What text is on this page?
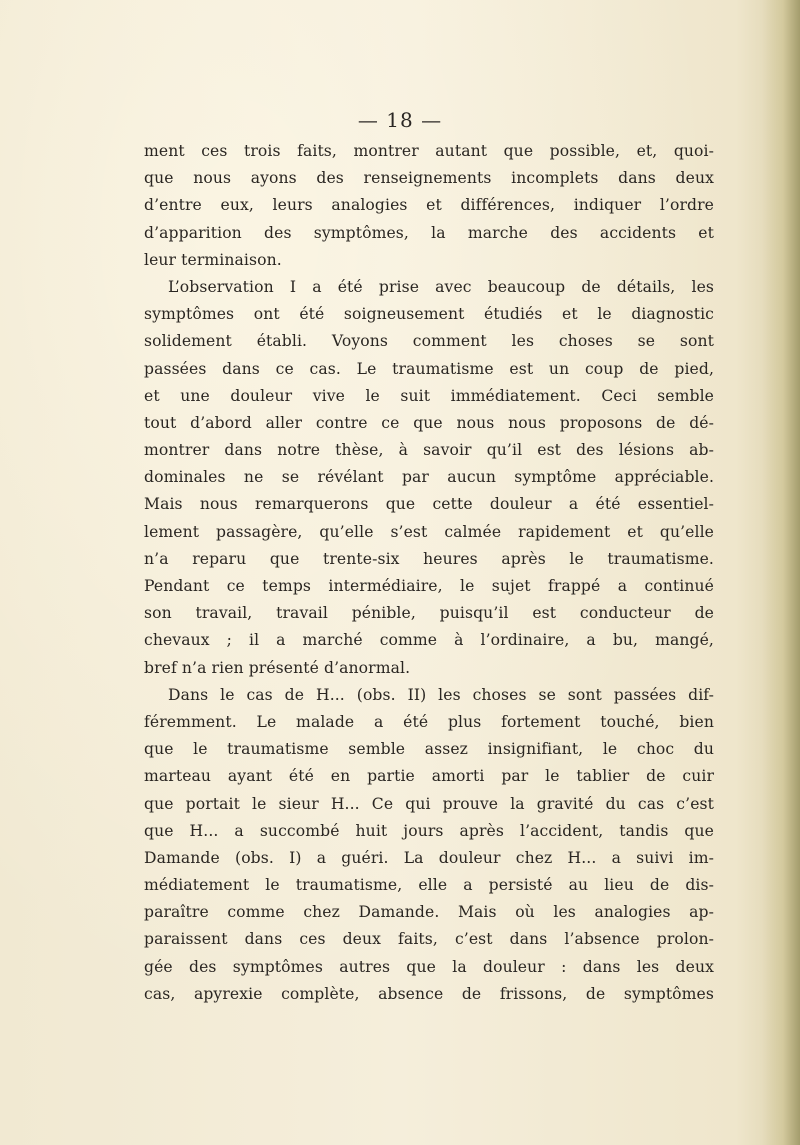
— 18 —
ment ces trois faits, montrer autant que possible, et, quoi-
que nous ayons des renseignements incomplets dans deux
d’entre eux, leurs analogies et différences, indiquer l’ordre
d’apparition des symptômes, la marche des accidents et
leur terminaison.
L’observation I a été prise avec beaucoup de détails, les
symptômes ont été soigneusement étudiés et le diagnostic
solidement établi. Voyons comment les choses se sont
passées dans ce cas. Le traumatisme est un coup de pied,
et une douleur vive le suit immédiatement. Ceci semble
tout d’abord aller contre ce que nous nous proposons de dé-
montrer dans notre thèse, à savoir qu’il est des lésions ab-
dominales ne se révélant par aucun symptôme appréciable.
Mais nous remarquerons que cette douleur a été essentiel-
lement passagère, qu’elle s’est calmée rapidement et qu’elle
n’a reparu que trente-six heures après le traumatisme.
Pendant ce temps intermédiaire, le sujet frappé a continué
son travail, travail pénible, puisqu’il est conducteur de
chevaux ; il a marché comme à l’ordinaire, a bu, mangé,
bref n’a rien présenté d’anormal.
Dans le cas de H... (obs. II) les choses se sont passées dif-
féremment. Le malade a été plus fortement touché, bien
que le traumatisme semble assez insignifiant, le choc du
marteau ayant été en partie amorti par le tablier de cuir
que portait le sieur H... Ce qui prouve la gravité du cas c’est
que H... a succombé huit jours après l’accident, tandis que
Damande (obs. I) a guéri. La douleur chez H... a suivi im-
médiatement le traumatisme, elle a persisté au lieu de dis-
paraître comme chez Damande. Mais où les analogies ap-
paraissent dans ces deux faits, c’est dans l’absence prolon-
gée des symptômes autres que la douleur : dans les deux
cas, apyrexie complète, absence de frissons, de symptômes
